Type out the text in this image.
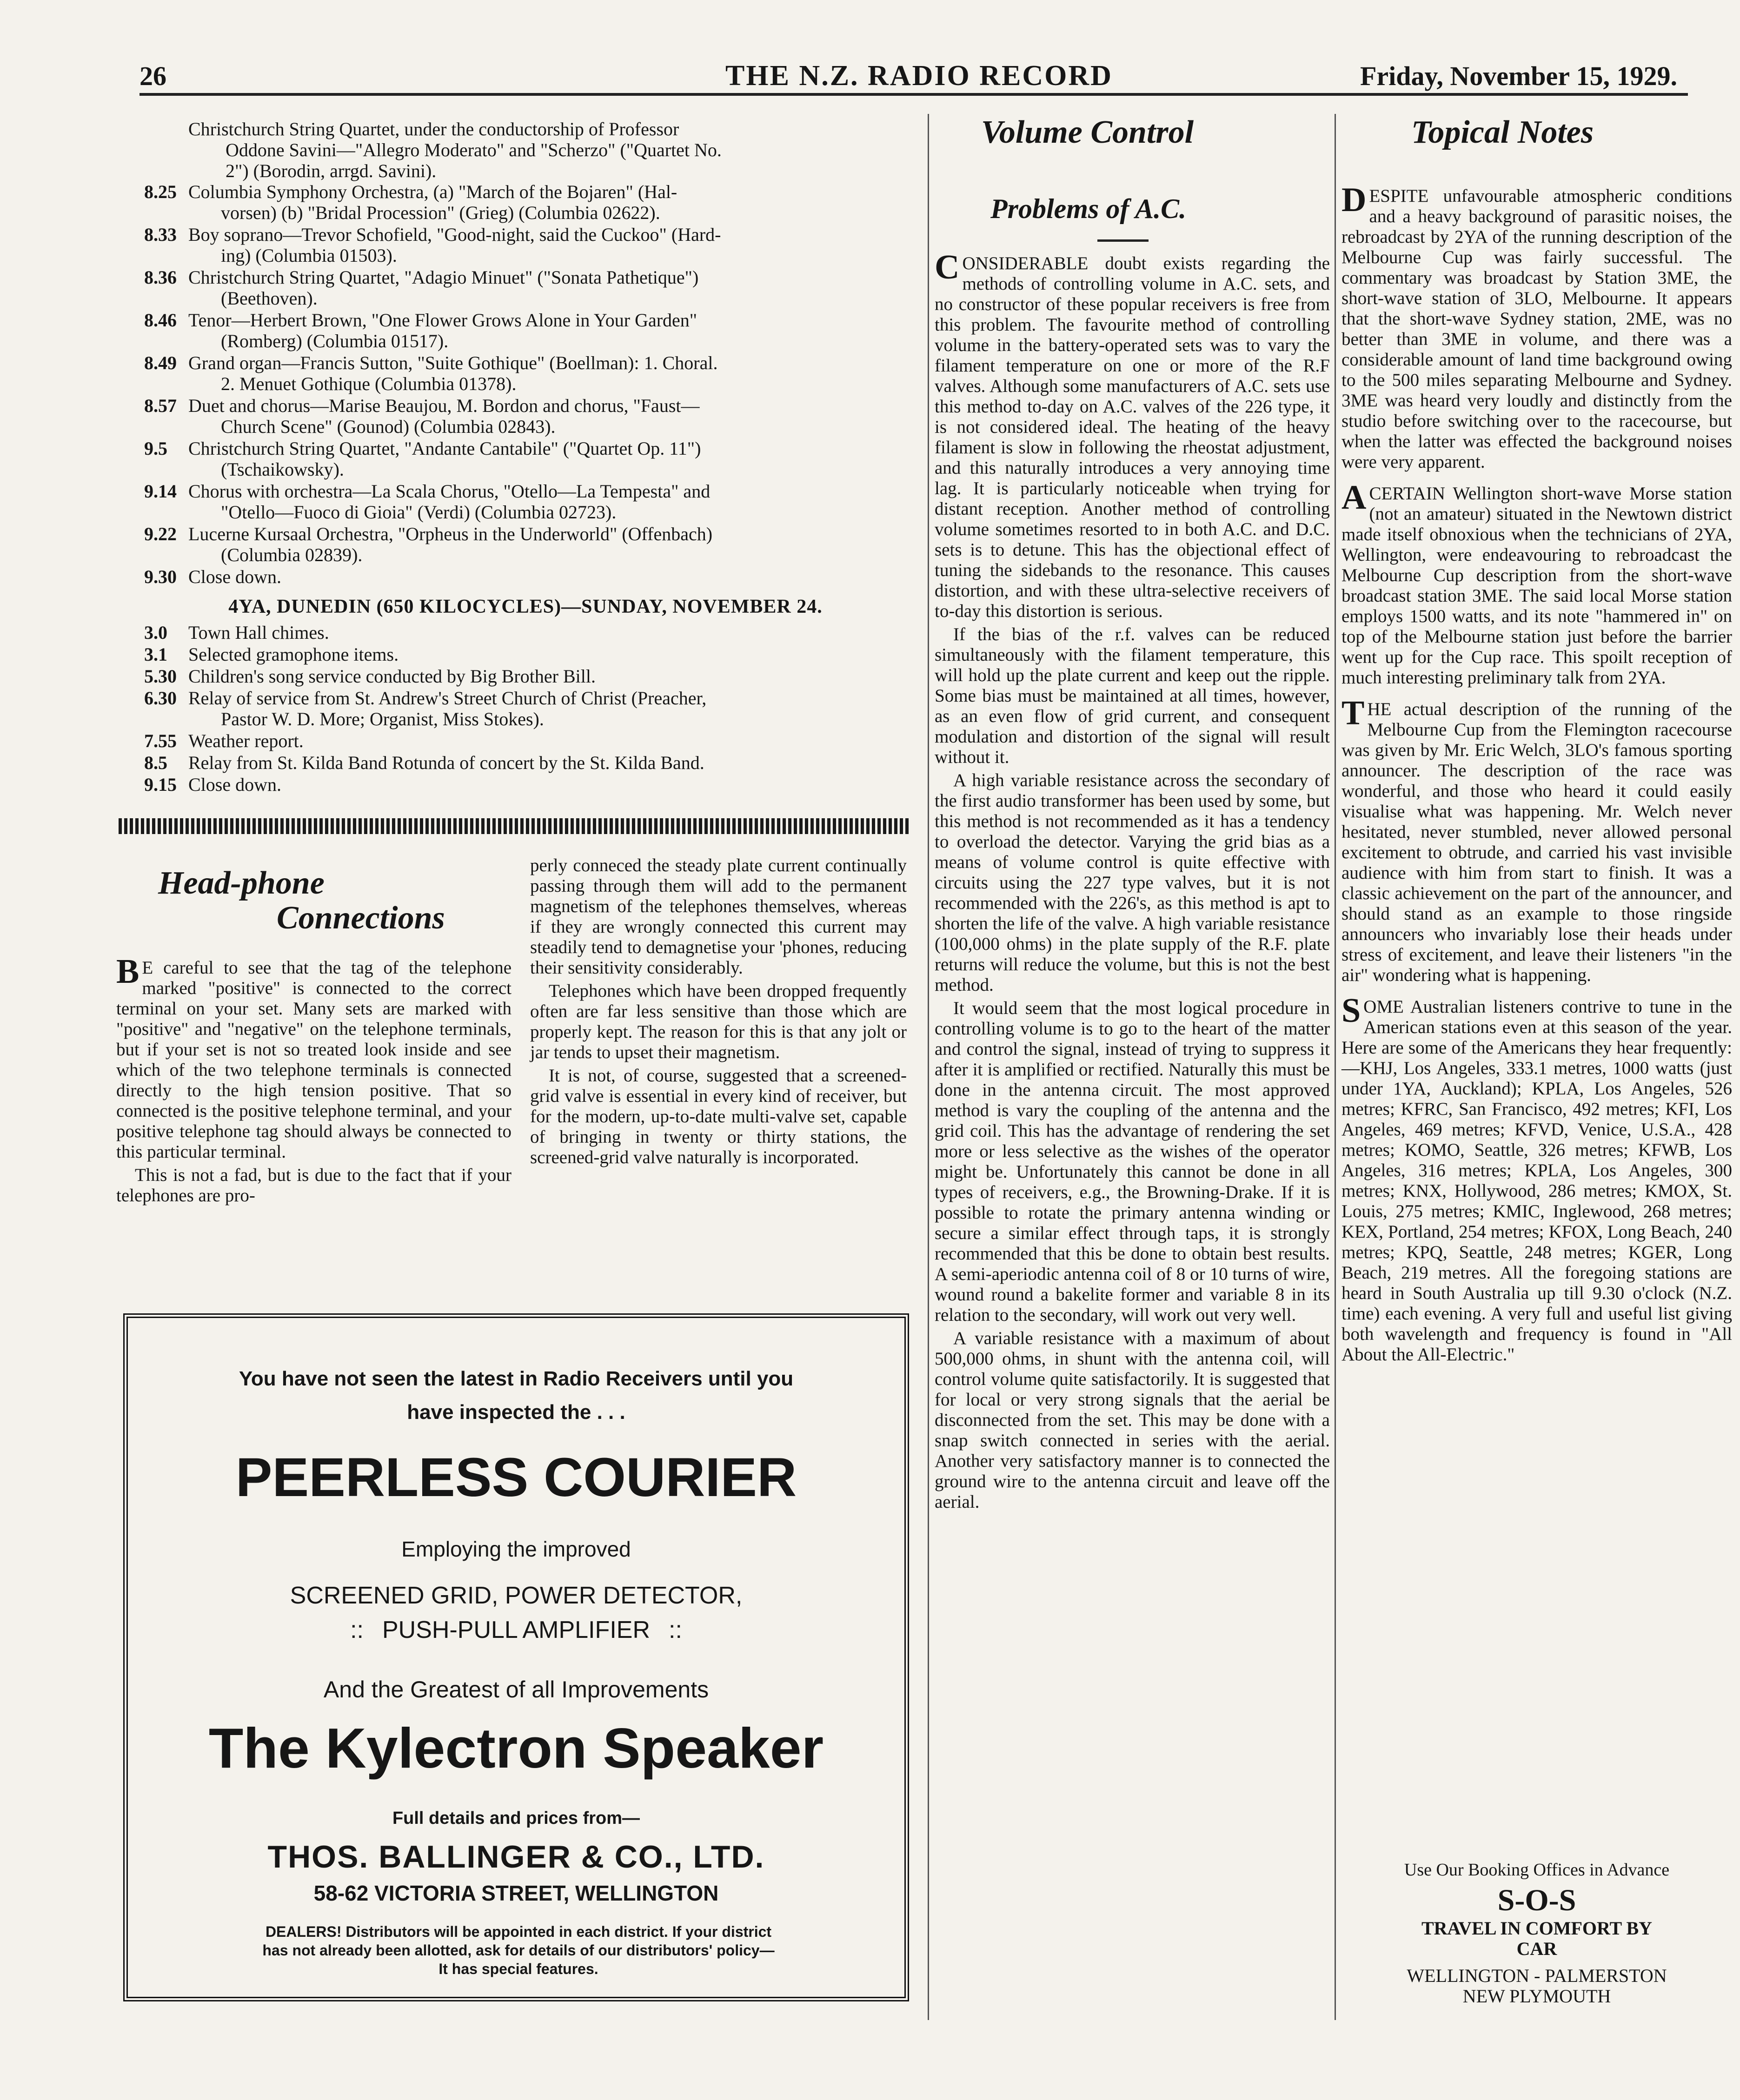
26	THE N.Z. RADIO RECORD	Friday, November 15, 1929.
Christchurch String Quartet, under the conductorship of Professor
Oddone Savini—"Allegro Moderato" and "Scherzo" ("Quartet No.
2") (Borodin, arrgd. Savini).
8.25 Columbia Symphony Orchestra, (a) "March of the Bojaren" (Hal-
vorsen) (b) "Bridal Procession" (Grieg) (Columbia 02622).
8.33 Boy soprano—Trevor Schofield, "Good-night, said the Cuckoo" (Hard-
ing) (Columbia 01503).
8.36 Christchurch String Quartet, "Adagio Minuet" ("Sonata Pathetique")
(Beethoven).
8.46 Tenor—Herbert Brown, "One Flower Grows Alone in Your Garden"
(Romberg) (Columbia 01517).
8.49 Grand organ—Francis Sutton, "Suite Gothique" (Boellman): 1. Choral.
2. Menuet Gothique (Columbia 01378).
8.57 Duet and chorus—Marise Beaujou, M. Bordon and chorus, "Faust—
Church Scene" (Gounod) (Columbia 02843).
9.5	Christchurch String Quartet, "Andante Cantabile" ("Quartet Op. 11")
(Tschaikowsky).
9.14 Chorus with orchestra—La Scala Chorus, "Otello—La Tempesta" and
"Otello—Fuoco di Gioia" (Verdi) (Columbia 02723).
9.22 Lucerne Kursaal Orchestra, "Orpheus in the Underworld" (Offenbach)
(Columbia 02839).
9.30 Close down.
4YA, DUNEDIN (650 KILOCYCLES)—SUNDAY, NOVEMBER 24.
3.0	Town Hall chimes.
3.1	Selected gramophone items.
5.30 Children's song service conducted by Big Brother Bill.
6.30 Relay of service from St. Andrew's Street Church of Christ (Preacher,
Pastor W. D. More; Organist, Miss Stokes).
7.55 Weather report.
8.5	Relay from St. Kilda Band Rotunda of concert by the St. Kilda Band.
9.15 Close down.
Head-phone
Connections

B E careful to see that the tag of the telephone marked "positive" is connected to the correct terminal on your set. Many sets are marked with "positive" and "negative" on the telephone terminals, but if your set is not so treated look inside and see which of the two telephone terminals is connected directly to the high tension positive. That so connected is the positive telephone terminal, and your positive telephone tag should always be connected to this particular terminal.

This is not a fad, but is due to the fact that if your telephones are pro-

perly conneced the steady plate current continually passing through them will add to the permanent magnetism of the telephones themselves, whereas if they are wrongly connected this current may steadily tend to demagnetise your 'phones, reducing their sensitivity considerably.

Telephones which have been dropped frequently often are far less sensitive than those which are properly kept. The reason for this is that any jolt or jar tends to upset their magnetism.

It is not, of course, suggested that a screened-grid valve is essential in every kind of receiver, but for the modern, up-to-date multi-valve set, capable of bringing in twenty or thirty stations, the screened-grid valve naturally is incorporated.

You have not seen the latest in Radio Receivers until you
have inspected the . . .
PEERLESS COURIER
Employing the improved
SCREENED GRID, POWER DETECTOR,
:: PUSH-PULL AMPLIFIER ::
And the Greatest of all Improvements
The Kylectron Speaker
Full details and prices from—
THOS. BALLINGER & CO., LTD.
58-62 VICTORIA STREET, WELLINGTON
DEALERS! Distributors will be appointed in each district. If your district
has not already been allotted, ask for details of our distributors' policy—
It has special features.
Volume Control
Problems of A.C.

CONSIDERABLE doubt exists regarding the methods of controlling volume in A.C. sets, and no constructor of these popular receivers is free from this problem. The favourite method of controlling volume in the battery-operated sets was to vary the filament temperature on one or more of the R.F valves. Although some manufacturers of A.C. sets use this method to-day on A.C. valves of the 226 type, it is not considered ideal. The heating of the heavy filament is slow in following the rheostat adjustment, and this naturally introduces a very annoying time lag. It is particularly noticeable when trying for distant reception. Another method of controlling volume sometimes resorted to in both A.C. and D.C. sets is to detune. This has the objectional effect of tuning the sidebands to the resonance. This causes distortion, and with these ultra-selective receivers of to-day this distortion is serious.

If the bias of the r.f. valves can be reduced simultaneously with the filament temperature, this will hold up the plate current and keep out the ripple. Some bias must be maintained at all times, however, as an even flow of grid current, and consequent modulation and distortion of the signal will result without it.

A high variable resistance across the secondary of the first audio transformer has been used by some, but this method is not recommended as it has a tendency to overload the detector. Varying the grid bias as a means of volume control is quite effective with circuits using the 227 type valves, but it is not recommended with the 226's, as this method is apt to shorten the life of the valve. A high variable resistance (100,000 ohms) in the plate supply of the R.F. plate returns will reduce the volume, but this is not the best method.

It would seem that the most logical procedure in controlling volume is to go to the heart of the matter and control the signal, instead of trying to suppress it after it is amplified or rectified. Naturally this must be done in the antenna circuit. The most approved method is vary the coupling of the antenna and the grid coil. This has the advantage of rendering the set more or less selective as the wishes of the operator might be. Unfortunately this cannot be done in all types of receivers, e.g., the Browning-Drake. If it is possible to rotate the primary antenna winding or secure a similar effect through taps, it is strongly recommended that this be done to obtain best results. A semi-aperiodic antenna coil of 8 or 10 turns of wire, wound round a bakelite former and variable 8 in its relation to the secondary, will work out very well.

A variable resistance with a maximum of about 500,000 ohms, in shunt with the antenna coil, will control volume quite satisfactorily. It is suggested that for local or very strong signals that the aerial be disconnected from the set. This may be done with a snap switch connected in series with the aerial. Another very satisfactory manner is to connected the ground wire to the antenna circuit and leave off the aerial.

Topical Notes

DESPITE unfavourable atmospheric conditions and a heavy background of parasitic noises, the rebroadcast by 2YA of the running description of the Melbourne Cup was fairly successful. The commentary was broadcast by Station 3ME, the short-wave station of 3LO, Melbourne. It appears that the short-wave Sydney station, 2ME, was no better than 3ME in volume, and there was a considerable amount of land time background owing to the 500 miles separating Melbourne and Sydney. 3ME was heard very loudly and distinctly from the studio before switching over to the racecourse, but when the latter was effected the background noises were very apparent.

ACERTAIN Wellington short-wave Morse station (not an amateur) situated in the Newtown district made itself obnoxious when the technicians of 2YA, Wellington, were endeavouring to rebroadcast the Melbourne Cup description from the short-wave broadcast station 3ME. The said local Morse station employs 1500 watts, and its note "hammered in" on top of the Melbourne station just before the barrier went up for the Cup race. This spoilt reception of much interesting preliminary talk from 2YA.

THE actual description of the running of the Melbourne Cup from the Flemington racecourse was given by Mr. Eric Welch, 3LO's famous sporting announcer. The description of the race was wonderful, and those who heard it could easily visualise what was happening. Mr. Welch never hesitated, never stumbled, never allowed personal excitement to obtrude, and carried his vast invisible audience with him from start to finish. It was a classic achievement on the part of the announcer, and should stand as an example to those ringside announcers who invariably lose their heads under stress of excitement, and leave their listeners "in the air" wondering what is happening.

SOME Australian listeners contrive to tune in the American stations even at this season of the year. Here are some of the Americans they hear frequently:—KHJ, Los Angeles, 333.1 metres, 1000 watts (just under 1YA, Auckland); KPLA, Los Angeles, 526 metres; KFRC, San Francisco, 492 metres; KFI, Los Angeles, 469 metres; KFVD, Venice, U.S.A., 428 metres; KOMO, Seattle, 326 metres; KFWB, Los Angeles, 316 metres; KPLA, Los Angeles, 300 metres; KNX, Hollywood, 286 metres; KMOX, St. Louis, 275 metres; KMIC, Inglewood, 268 metres; KEX, Portland, 254 metres; KFOX, Long Beach, 240 metres; KPQ, Seattle, 248 metres; KGER, Long Beach, 219 metres. All the foregoing stations are heard in South Australia up till 9.30 o'clock (N.Z. time) each evening. A very full and useful list giving both wavelength and frequency is found in "All About the All-Electric."

Use Our Booking Offices in Advance
S-O-S
TRAVEL IN COMFORT BY
CAR
WELLINGTON - PALMERSTON
NEW PLYMOUTH
